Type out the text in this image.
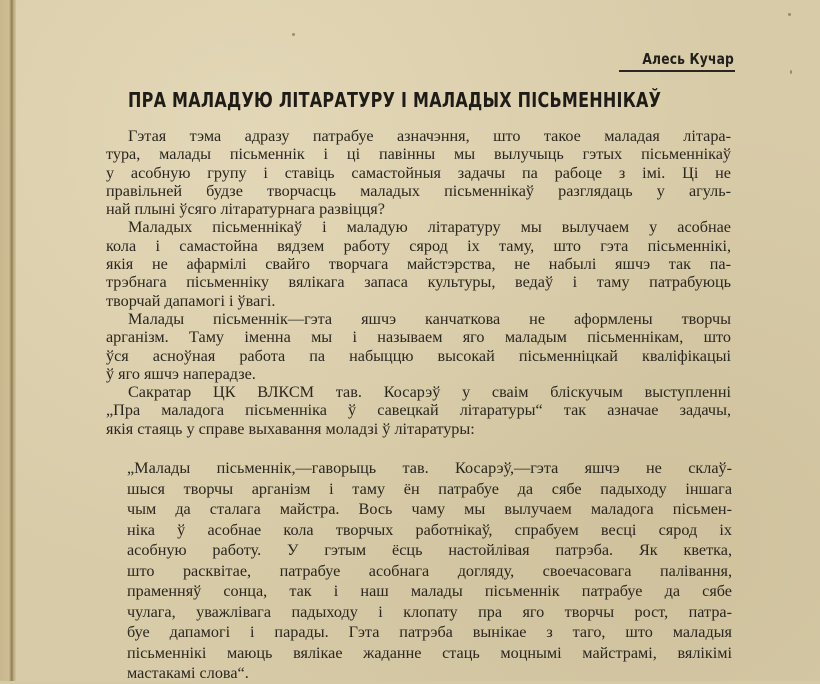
Алесь Кучар
ПРА МАЛАДУЮ ЛІТАРАТУРУ І МАЛАДЫХ ПІСЬМЕННІКАЎ
Гэтая тэма адразу патрабуе азначэння, што такое маладая літара-
тура, малады пісьменнік і ці павінны мы вылучыць гэтых пісьменнікаў
у асобную групу і ставіць самастойныя задачы па рабоце з імі. Ці не
правільней будзе творчасць маладых пісьменнікаў разглядаць у агуль-
най плыні ўсяго літаратурнага развіцця?
Маладых пісьменнікаў і маладую літаратуру мы вылучаем у асобнае
кола і самастойна вядзем работу сярод іх таму, што гэта пісьменнікі,
якія не афармілі свайго творчага майстэрства, не набылі яшчэ так па-
трэбнага пісьменніку вялікага запаса культуры, ведаў і таму патрабуюць
творчай дапамогі і ўвагі.
Малады пісьменнік—гэта яшчэ канчаткова не аформлены творчы
арганізм. Таму іменна мы і называем яго маладым пісьменнікам, што
ўся асноўная работа па набыццю высокай пісьменніцкай кваліфікацыі
ў яго яшчэ наперадзе.
Сакратар ЦК ВЛКСМ тав. Косарэў у сваім бліскучым выступленні
„Пра маладога пісьменніка ў савецкай літаратуры“ так азначае задачы,
якія стаяць у справе выхавання моладзі ў літаратуры:
„Малады пісьменнік,—гаворыць тав. Косарэў,—гэта яшчэ не склаў-
шыся творчы арганізм і таму ён патрабуе да сябе падыходу іншага
чым да сталага майстра. Вось чаму мы вылучаем маладога пісьмен-
ніка ў асобнае кола творчых работнікаў, спрабуем весці сярод іх
асобную работу. У гэтым ёсць настойлівая патрэба. Як кветка,
што расквітае, патрабуе асобнага догляду, своечасовага палівання,
праменняў сонца, так і наш малады пісьменнік патрабуе да сябе
чулага, уважлівага падыходу і клопату пра яго творчы рост, патра-
буе дапамогі і парады. Гэта патрэба вынікае з таго, што маладыя
пісьменнікі маюць вялікае жаданне стаць моцнымі майстрамі, вялікімі
мастакамі слова“.
